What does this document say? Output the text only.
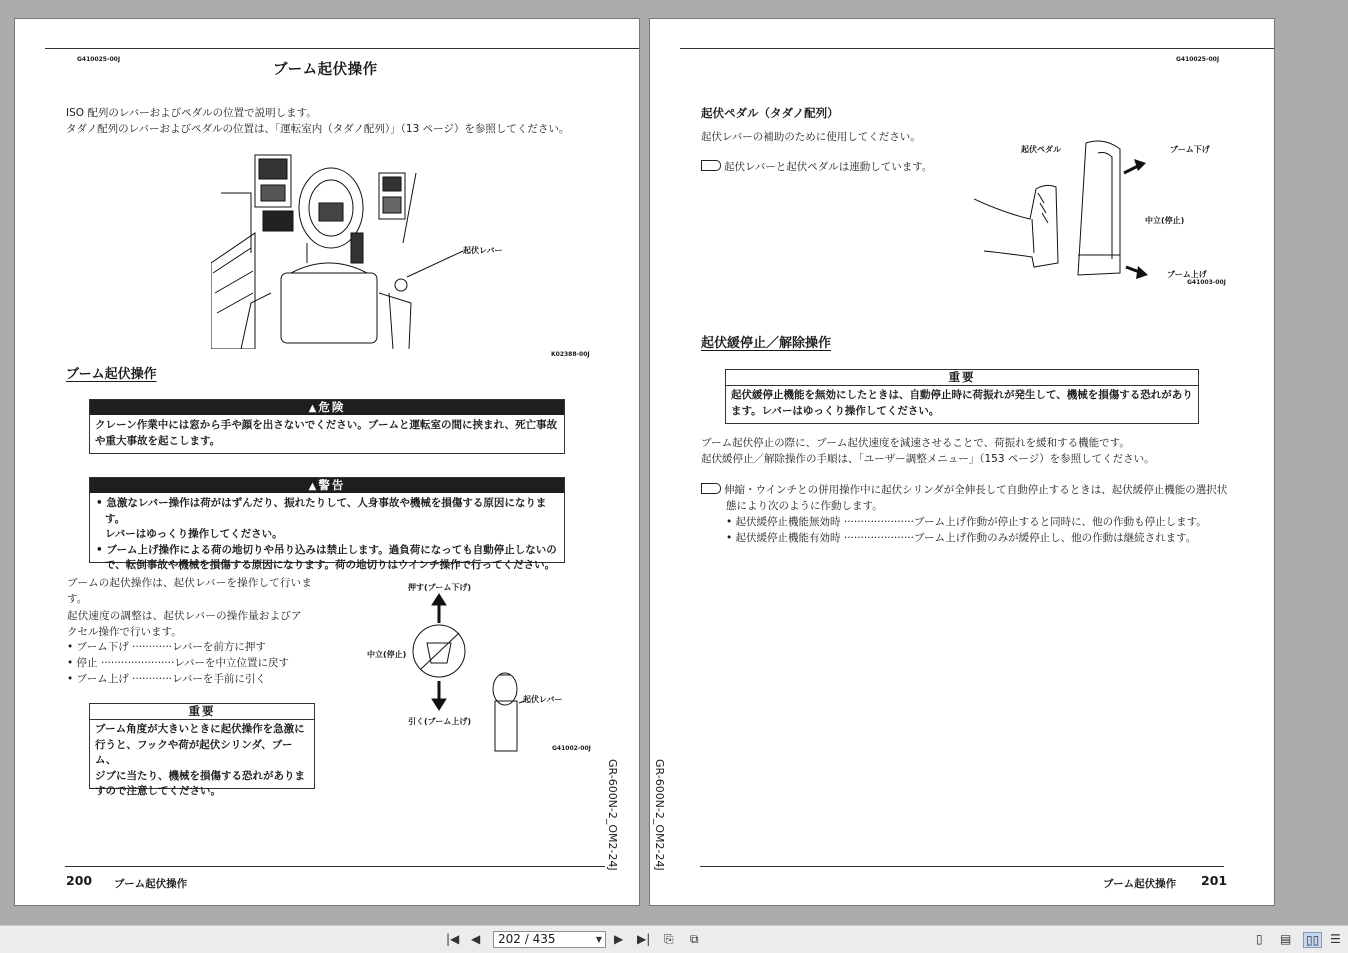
G410025-00J
ブーム起伏操作
ISO 配列のレバーおよびペダルの位置で説明します。
タダノ配列のレバーおよびペダルの位置は、「運転室内（タダノ配列）」（13 ページ）を参照してください。
起伏レバー
K02388-00J
ブーム起伏操作
▲危険
クレーン作業中には窓から手や顔を出さないでください。ブームと運転室の間に挟まれ、死亡事故
や重大事故を起こします。
▲警告
• 急激なレバー操作は荷がはずんだり、振れたりして、人身事故や機械を損傷する原因になります。
レバーはゆっくり操作してください。
• ブーム上げ操作による荷の地切りや吊り込みは禁止します。過負荷になっても自動停止しないの
で、転倒事故や機械を損傷する原因になります。荷の地切りはウインチ操作で行ってください。
ブームの起伏操作は、起伏レバーを操作して行いま
す。
起伏速度の調整は、起伏レバーの操作量およびア
クセル操作で行います。
• ブーム下げ ············レバーを前方に押す
• 停止 ······················レバーを中立位置に戻す
• ブーム上げ ············レバーを手前に引く
押す(ブーム下げ)
中立(停止)
引く(ブーム上げ)
起伏レバー
G41002-00J
重要
ブーム角度が大きいときに起伏操作を急激に
行うと、フックや荷が起伏シリンダ、ブーム、
ジブに当たり、機械を損傷する恐れがありま
すので注意してください。	GR-600N-2_OM2-24J
200 ブーム起伏操作
G410025-00J
起伏ペダル（タダノ配列）
起伏レバーの補助のために使用してください。
起伏レバーと起伏ペダルは連動しています。
起伏ペダル	ブーム下げ
中立(停止)
ブーム上げ
G41003-00J
起伏緩停止／解除操作
重要
起伏緩停止機能を無効にしたときは、自動停止時に荷振れが発生して、機械を損傷する恐れがあり
ます。レバーはゆっくり操作してください。
ブーム起伏停止の際に、ブーム起伏速度を減速させることで、荷振れを緩和する機能です。
起伏緩停止／解除操作の手順は、「ユーザー調整メニュー」（153 ページ）を参照してください。
伸縮・ウインチとの併用操作中に起伏シリンダが全伸長して自動停止するときは、起伏緩停止機能の選択状
態により次のように作動します。
• 起伏緩停止機能無効時 ·····················ブーム上げ作動が停止すると同時に、他の作動も停止します。
• 起伏緩停止機能有効時 ·····················ブーム上げ作動のみが緩停止し、他の作動は継続されます。
GR-600N-2_OM2-24J
ブーム起伏操作 201
|◀ ◀	202 / 435	▼ ▶ ▶| ⎘ ⧉	▯ ▤ ▯▯ ☰
